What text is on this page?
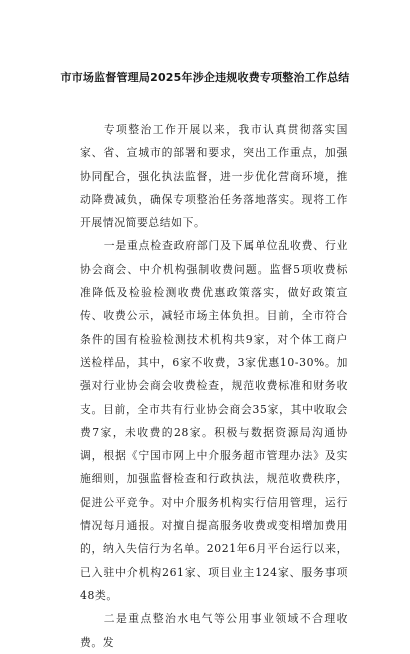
市市场监督管理局2025年涉企违规收费专项整治工作总结

专项整治工作开展以来，我市认真贯彻落实国家、省、宣城市的部署和要求，突出工作重点，加强协同配合，强化执法监督，进一步优化营商环境，推动降费减负，确保专项整治任务落地落实。现将工作开展情况简要总结如下。

一是重点检查政府部门及下属单位乱收费、行业协会商会、中介机构强制收费问题。监督5项收费标准降低及检验检测收费优惠政策落实，做好政策宣传、收费公示，减轻市场主体负担。目前，全市符合条件的国有检验检测技术机构共9家，对个体工商户送检样品，其中，6家不收费，3家优惠10-30%。加强对行业协会商会收费检查，规范收费标准和财务收支。目前，全市共有行业协会商会35家，其中收取会费7家，未收费的28家。积极与数据资源局沟通协调，根据《宁国市网上中介服务超市管理办法》及实施细则，加强监督检查和行政执法，规范收费秩序，促进公平竞争。对中介服务机构实行信用管理，运行情况每月通报。对擅自提高服务收费或变相增加费用的，纳入失信行为名单。2021年6月平台运行以来，已入驻中介机构261家、项目业主124家、服务事项48类。

二是重点整治水电气等公用事业领域不合理收费。发
